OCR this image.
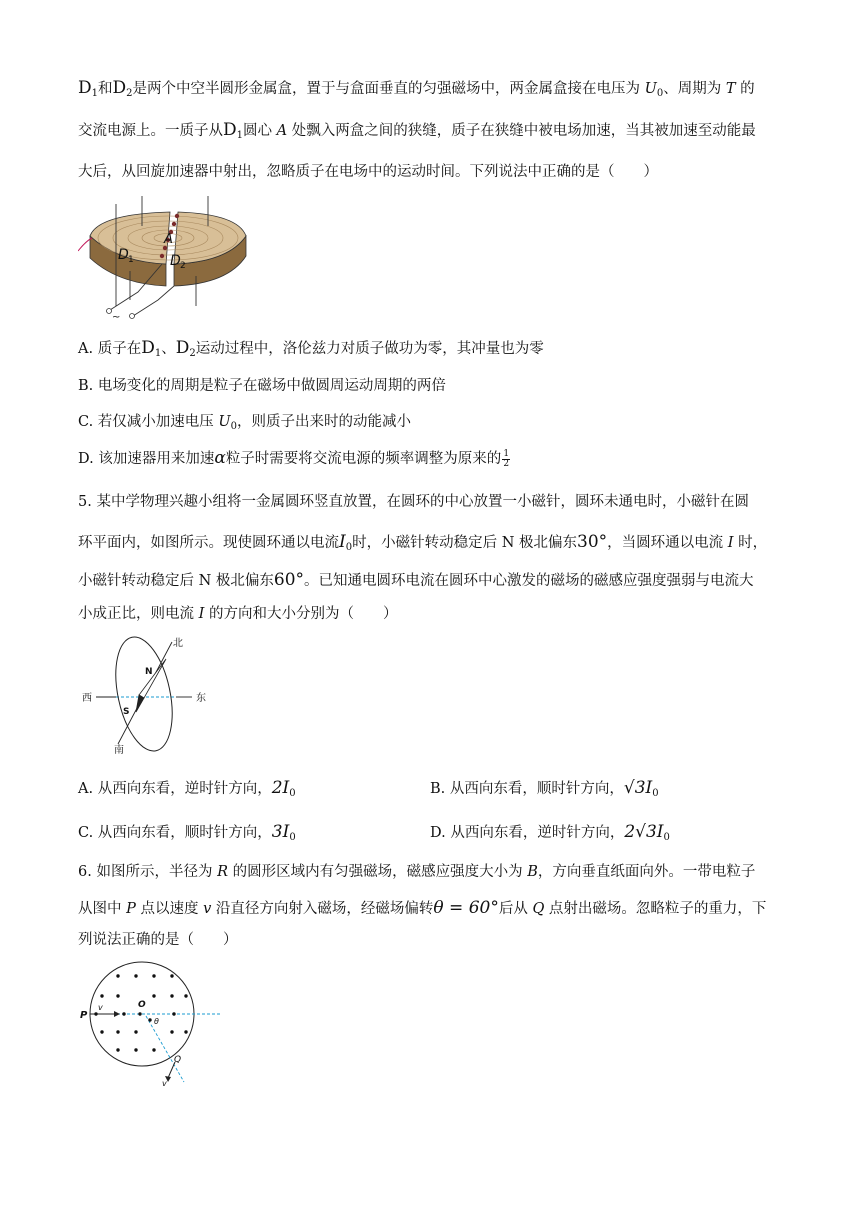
$D_1$和$D_2$是两个中空半圆形金属盒，置于与盒面垂直的匀强磁场中，两金属盒接在电压为 $U_0$、周期为 T 的
交流电源上。一质子从$D_1$圆心 A 处飘入两盒之间的狭缝，质子在狭缝中被电场加速，当其被加速至动能最
大后，从回旋加速器中射出，忽略质子在电场中的运动时间。下列说法中正确的是（　　）
A
D 1	D 2
~
A. 质子在$D_1$、$D_2$运动过程中，洛伦兹力对质子做功为零，其冲量也为零
B. 电场变化的周期是粒子在磁场中做圆周运动周期的两倍
C. 若仅减小加速电压 $U_0$，则质子出来时的动能减小
D. 该加速器用来加速α粒子时需要将交流电源的频率调整为原来的 $\frac{1}{2}$
5. 某中学物理兴趣小组将一金属圆环竖直放置，在圆环的中心放置一小磁针，圆环未通电时，小磁针在圆
环平面内，如图所示。现使圆环通以电流$I_0$时，小磁针转动稳定后 N 极北偏东30°，当圆环通以电流 I 时，
小磁针转动稳定后 N 极北偏东60°。已知通电圆环电流在圆环中心激发的磁场的磁感应强度强弱与电流大
小成正比，则电流 I 的方向和大小分别为（　　）
北
南
西	东
N
S
A. 从西向东看，逆时针方向，$2I_0$	B. 从西向东看，顺时针方向，$√3I_0$
C. 从西向东看，顺时针方向，$3I_0$	D. 从西向东看，逆时针方向，$2√3I_0$
6. 如图所示，半径为 R 的圆形区域内有匀强磁场，磁感应强度大小为 B，方向垂直纸面向外。一带电粒子
从图中 P 点以速度 v 沿直径方向射入磁场，经磁场偏转θ = 60°后从 Q 点射出磁场。忽略粒子的重力，下
列说法正确的是（　　）
P
v	O
θ
Q
v
